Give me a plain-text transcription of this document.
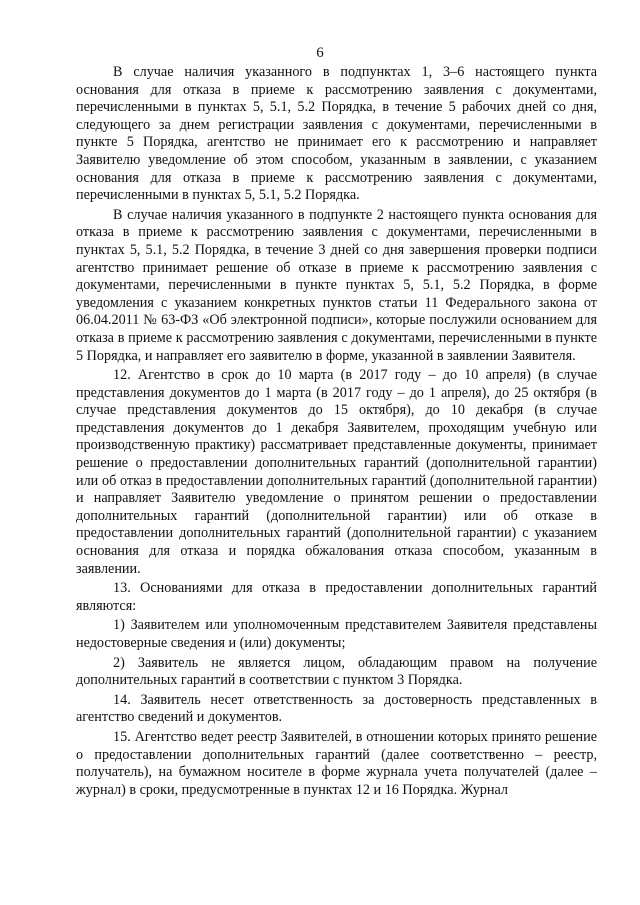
6

В случае наличия указанного в подпунктах 1, 3–6 настоящего пункта основания для отказа в приеме к рассмотрению заявления с документами, перечисленными в пунктах 5, 5.1, 5.2 Порядка, в течение 5 рабочих дней со дня, следующего за днем регистрации заявления с документами, перечисленными в пункте 5 Порядка, агентство не принимает его к рассмотрению и направляет Заявителю уведомление об этом способом, указанным в заявлении, с указанием основания для отказа в приеме к рассмотрению заявления с документами, перечисленными в пунктах 5, 5.1, 5.2 Порядка.

В случае наличия указанного в подпункте 2 настоящего пункта основания для отказа в приеме к рассмотрению заявления с документами, перечисленными в пунктах 5, 5.1, 5.2 Порядка, в течение 3 дней со дня завершения проверки подписи агентство принимает решение об отказе в приеме к рассмотрению заявления с документами, перечисленными в пункте пунктах 5, 5.1, 5.2 Порядка, в форме уведомления с указанием конкретных пунктов статьи 11 Федерального закона от 06.04.2011 № 63-ФЗ «Об электронной подписи», которые послужили основанием для отказа в приеме к рассмотрению заявления с документами, перечисленными в пункте 5 Порядка, и направляет его заявителю в форме, указанной в заявлении Заявителя.

12. Агентство в срок до 10 марта (в 2017 году – до 10 апреля) (в случае представления документов до 1 марта (в 2017 году – до 1 апреля), до 25 октября (в случае представления документов до 15 октября), до 10 декабря (в случае представления документов до 1 декабря Заявителем, проходящим учебную или производственную практику) рассматривает представленные документы, принимает решение о предоставлении дополнительных гарантий (дополнительной гарантии) или об отказ в предоставлении дополнительных гарантий (дополнительной гарантии) и направляет Заявителю уведомление о принятом решении о предоставлении дополнительных гарантий (дополнительной гарантии) или об отказе в предоставлении дополнительных гарантий (дополнительной гарантии) с указанием основания для отказа и порядка обжалования отказа способом, указанным в заявлении.

13. Основаниями для отказа в предоставлении дополнительных гарантий являются:

1) Заявителем или уполномоченным представителем Заявителя представлены недостоверные сведения и (или) документы;

2) Заявитель не является лицом, обладающим правом на получение дополнительных гарантий в соответствии с пунктом 3 Порядка.

14. Заявитель несет ответственность за достоверность представленных в агентство сведений и документов.

15. Агентство ведет реестр Заявителей, в отношении которых принято решение о предоставлении дополнительных гарантий (далее соответственно – реестр, получатель), на бумажном носителе в форме журнала учета получателей (далее – журнал) в сроки, предусмотренные в пунктах 12 и 16 Порядка. Журнал
